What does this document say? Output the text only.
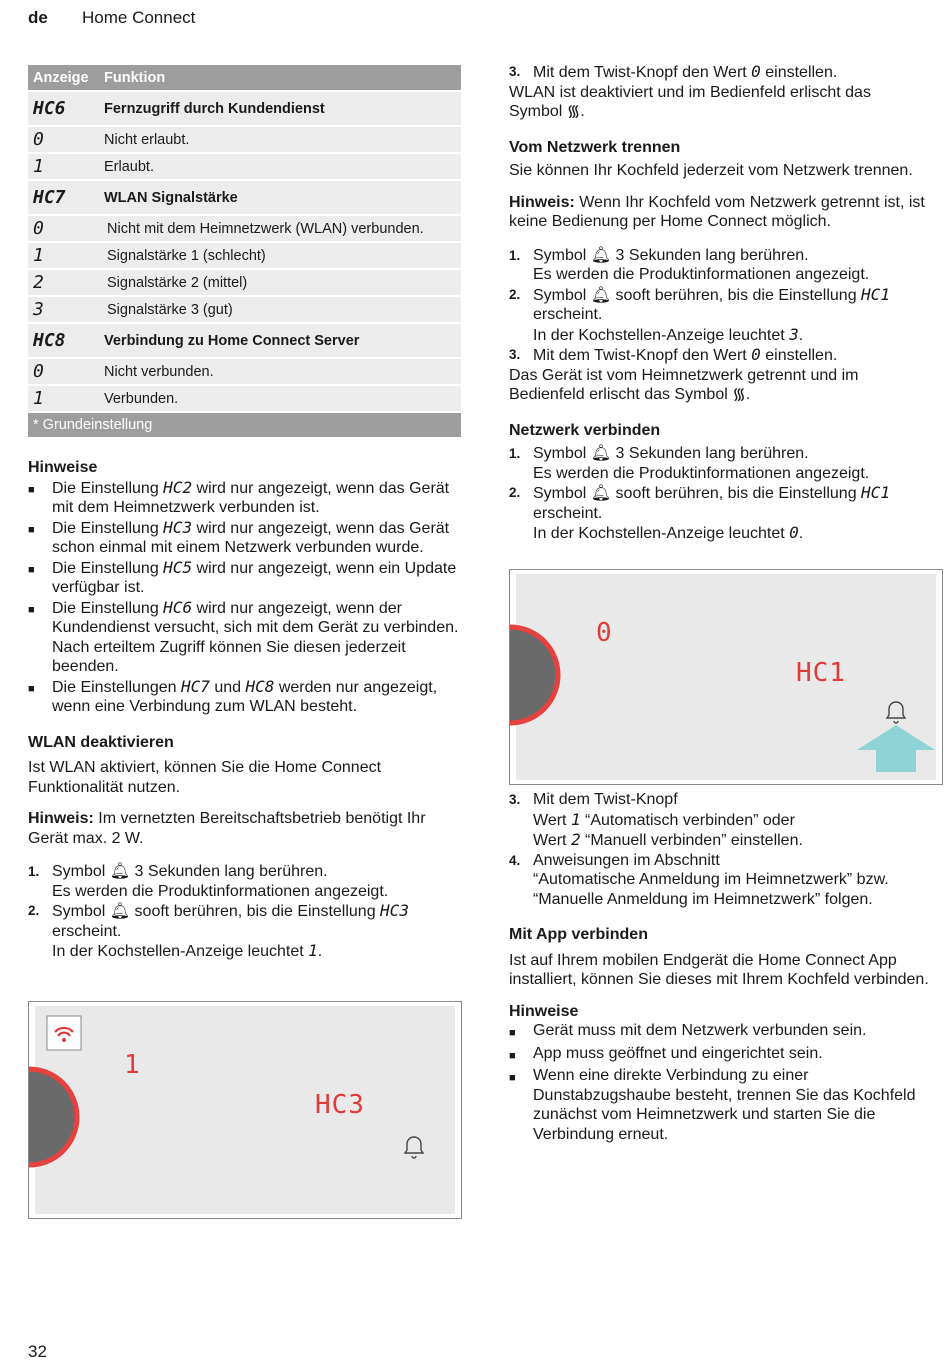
de Home Connect
Anzeige	Funktion
HC6	Fernzugriff durch Kundendienst
0	Nicht erlaubt.
1	Erlaubt.
HC7	WLAN Signalstärke
0	Nicht mit dem Heimnetzwerk (WLAN) verbunden.
1	Signalstärke 1 (schlecht)
2	Signalstärke 2 (mittel)
3	Signalstärke 3 (gut)
HC8	Verbindung zu Home Connect Server
0	Nicht verbunden.
1	Verbunden.
* Grundeinstellung
Hinweise
■	Die Einstellung HC2 wird nur angezeigt, wenn das Gerät mit dem Heimnetzwerk verbunden ist.
■	Die Einstellung HC3 wird nur angezeigt, wenn das Gerät schon einmal mit einem Netzwerk verbunden wurde.
■	Die Einstellung HC5 wird nur angezeigt, wenn ein Update verfügbar ist.
■	Die Einstellung HC6 wird nur angezeigt, wenn der Kundendienst versucht, sich mit dem Gerät zu verbinden. Nach erteiltem Zugriff können Sie diesen jederzeit beenden.
■	Die Einstellungen HC7 und HC8 werden nur angezeigt, wenn eine Verbindung zum WLAN besteht.
WLAN deaktivieren

Ist WLAN aktiviert, können Sie die Home Connect Funktionalität nutzen.

Hinweis: Im vernetzten Bereitschaftsbetrieb benötigt Ihr Gerät max. 2 W.

1. Symbol 🔔︎ 3 Sekunden lang berühren.
Es werden die Produktinformationen angezeigt.
2. Symbol 🔔︎ sooft berühren, bis die Einstellung HC3
erscheint.
In der Kochstellen-Anzeige leuchtet 1.
1
HC3
3. Mit dem Twist-Knopf den Wert 0 einstellen.

WLAN ist deaktiviert und im Bedienfeld erlischt das
Symbol ᯾.

Vom Netzwerk trennen

Sie können Ihr Kochfeld jederzeit vom Netzwerk trennen.

Hinweis: Wenn Ihr Kochfeld vom Netzwerk getrennt ist, ist keine Bedienung per Home Connect möglich.

1. Symbol 🔔︎ 3 Sekunden lang berühren.
Es werden die Produktinformationen angezeigt.
2. Symbol 🔔︎ sooft berühren, bis die Einstellung HC1
erscheint.
In der Kochstellen-Anzeige leuchtet 3.
3. Mit dem Twist-Knopf den Wert 0 einstellen.

Das Gerät ist vom Heimnetzwerk getrennt und im
Bedienfeld erlischt das Symbol ᯾.

Netzwerk verbinden
1. Symbol 🔔︎ 3 Sekunden lang berühren.
Es werden die Produktinformationen angezeigt.
2. Symbol 🔔︎ sooft berühren, bis die Einstellung HC1
erscheint.
In der Kochstellen-Anzeige leuchtet 0.
0
HC1
3. Mit dem Twist-Knopf
Wert 1 “Automatisch verbinden” oder
Wert 2 “Manuell verbinden” einstellen.
4. Anweisungen im Abschnitt
“Automatische Anmeldung im Heimnetzwerk” bzw.
“Manuelle Anmeldung im Heimnetzwerk” folgen.
Mit App verbinden

Ist auf Ihrem mobilen Endgerät die Home Connect App installiert, können Sie dieses mit Ihrem Kochfeld verbinden.

Hinweise
■	Gerät muss mit dem Netzwerk verbunden sein.
■	App muss geöffnet und eingerichtet sein.
■	Wenn eine direkte Verbindung zu einer Dunstabzugshaube besteht, trennen Sie das Kochfeld zunächst vom Heimnetzwerk und starten Sie die Verbindung erneut.
32
